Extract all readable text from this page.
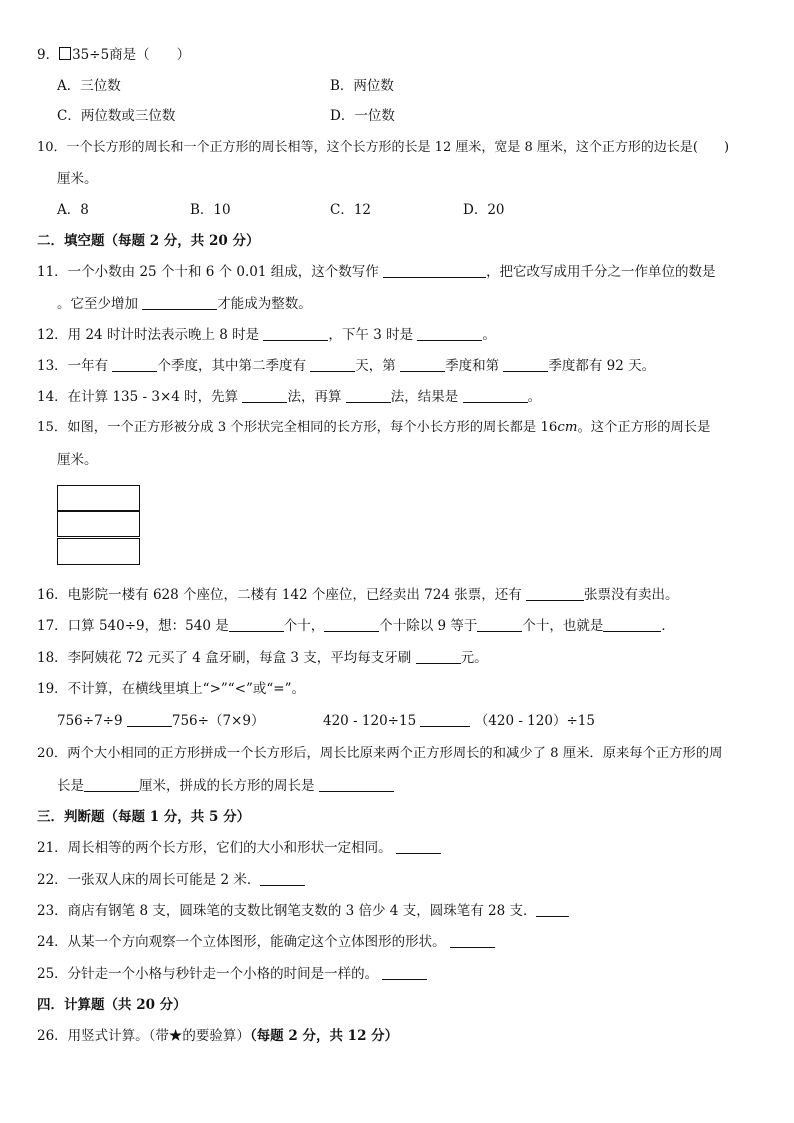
9． 35÷5商是（　　）
A．三位数	B．两位数
C．两位数或三位数	D．一位数
10．一个长方形的周长和一个正方形的周长相等，这个长方形的长是 12 厘米，宽是 8 厘米，这个正方形的边长是(　　)
厘米。
A．8	B．10	C．12	D．20
二．填空题（每题 2 分，共 20 分）
11．一个小数由 25 个十和 6 个 0.01 组成，这个数写作	，把它改写成用千分之一作单位的数是
。它至少增加	才能成为整数。
12．用 24 时计时法表示晚上 8 时是	，下午 3 时是	。
13．一年有	个季度，其中第二季度有	天，第	季度和第	季度都有 92 天。
14．在计算 135 - 3×4 时，先算	法，再算	法，结果是	。
15．如图，一个正方形被分成 3 个形状完全相同的长方形，每个小长方形的周长都是 16cm。这个正方形的周长是
厘米。
16．电影院一楼有 628 个座位，二楼有 142 个座位，已经卖出 724 张票，还有	张票没有卖出。
17．口算 540÷9，想：540 是	个十，	个十除以 9 等于	个十，也就是	．
18．李阿姨花 72 元买了 4 盒牙刷，每盒 3 支，平均每支牙刷	元。
19．不计算，在横线里填上“>”“<”或“=”。
756÷7÷9	756÷（7×9）	420 - 120÷15	（420 - 120）÷15
20．两个大小相同的正方形拼成一个长方形后，周长比原来两个正方形周长的和减少了 8 厘米．原来每个正方形的周
长是	厘米，拼成的长方形的周长是
三．判断题（每题 1 分，共 5 分）
21．周长相等的两个长方形，它们的大小和形状一定相同。
22．一张双人床的周长可能是 2 米．
23．商店有钢笔 8 支，圆珠笔的支数比钢笔支数的 3 倍少 4 支，圆珠笔有 28 支．
24．从某一个方向观察一个立体图形，能确定这个立体图形的形状。
25．分针走一个小格与秒针走一个小格的时间是一样的。
四．计算题（共 20 分）
26．用竖式计算。（带★的要验算）（每题 2 分，共 12 分）
